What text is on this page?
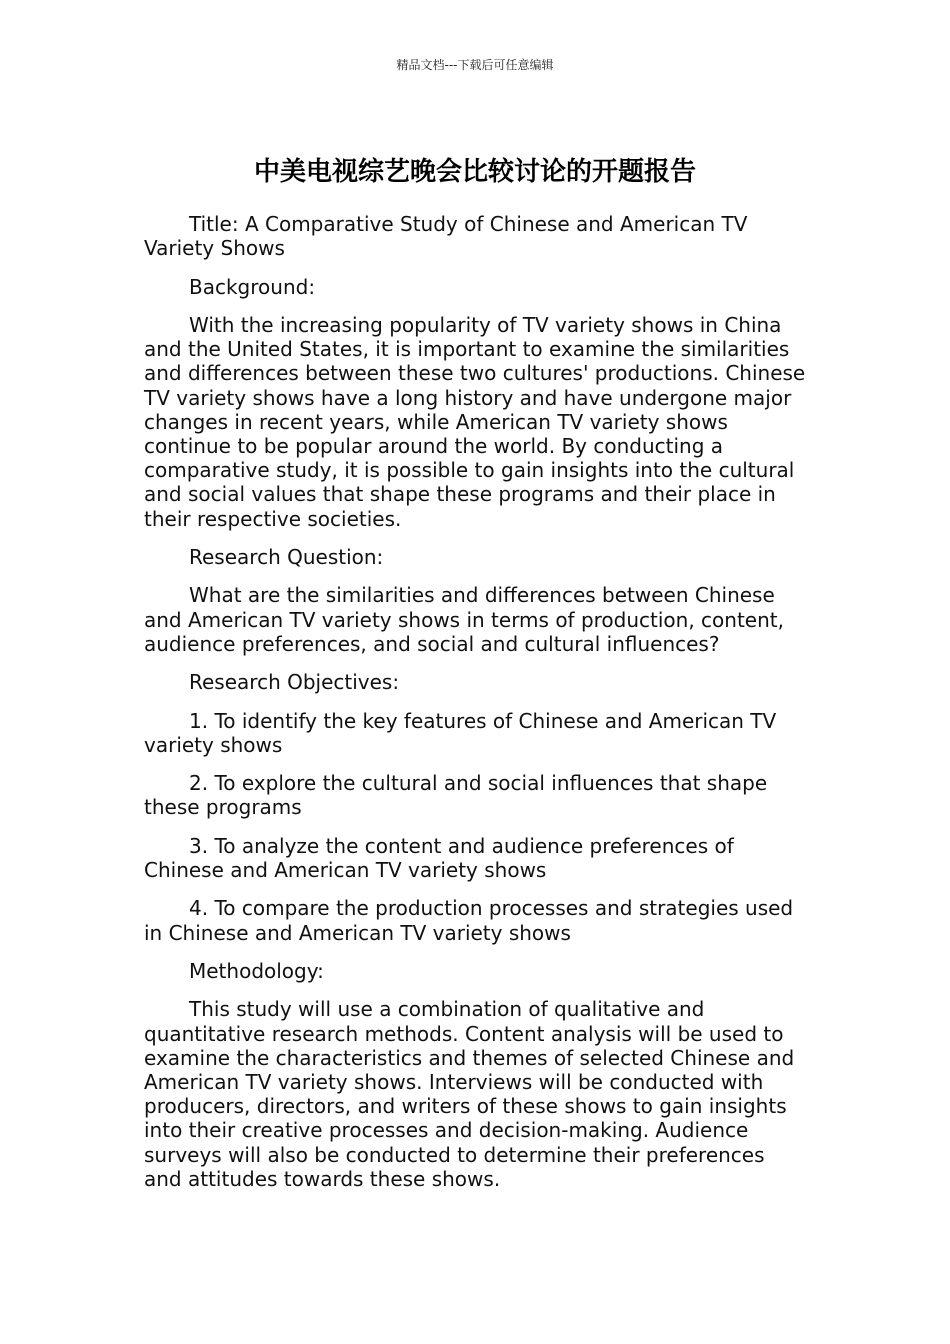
精品文档---下载后可任意编辑
中美电视综艺晚会比较讨论的开题报告

Title: A Comparative Study of Chinese and American TV Variety Shows

Background:

With the increasing popularity of TV variety shows in China and the United States, it is important to examine the similarities and differences between these two cultures' productions. Chinese TV variety shows have a long history and have undergone major changes in recent years, while American TV variety shows continue to be popular around the world. By conducting a comparative study, it is possible to gain insights into the cultural and social values that shape these programs and their place in their respective societies.

Research Question:

What are the similarities and differences between Chinese and American TV variety shows in terms of production, content, audience preferences, and social and cultural influences?

Research Objectives:

1. To identify the key features of Chinese and American TV variety shows

2. To explore the cultural and social influences that shape these programs

3. To analyze the content and audience preferences of Chinese and American TV variety shows

4. To compare the production processes and strategies used in Chinese and American TV variety shows

Methodology:

This study will use a combination of qualitative and quantitative research methods. Content analysis will be used to examine the characteristics and themes of selected Chinese and American TV variety shows. Interviews will be conducted with producers, directors, and writers of these shows to gain insights into their creative processes and decision-making. Audience surveys will also be conducted to determine their preferences and attitudes towards these shows.
